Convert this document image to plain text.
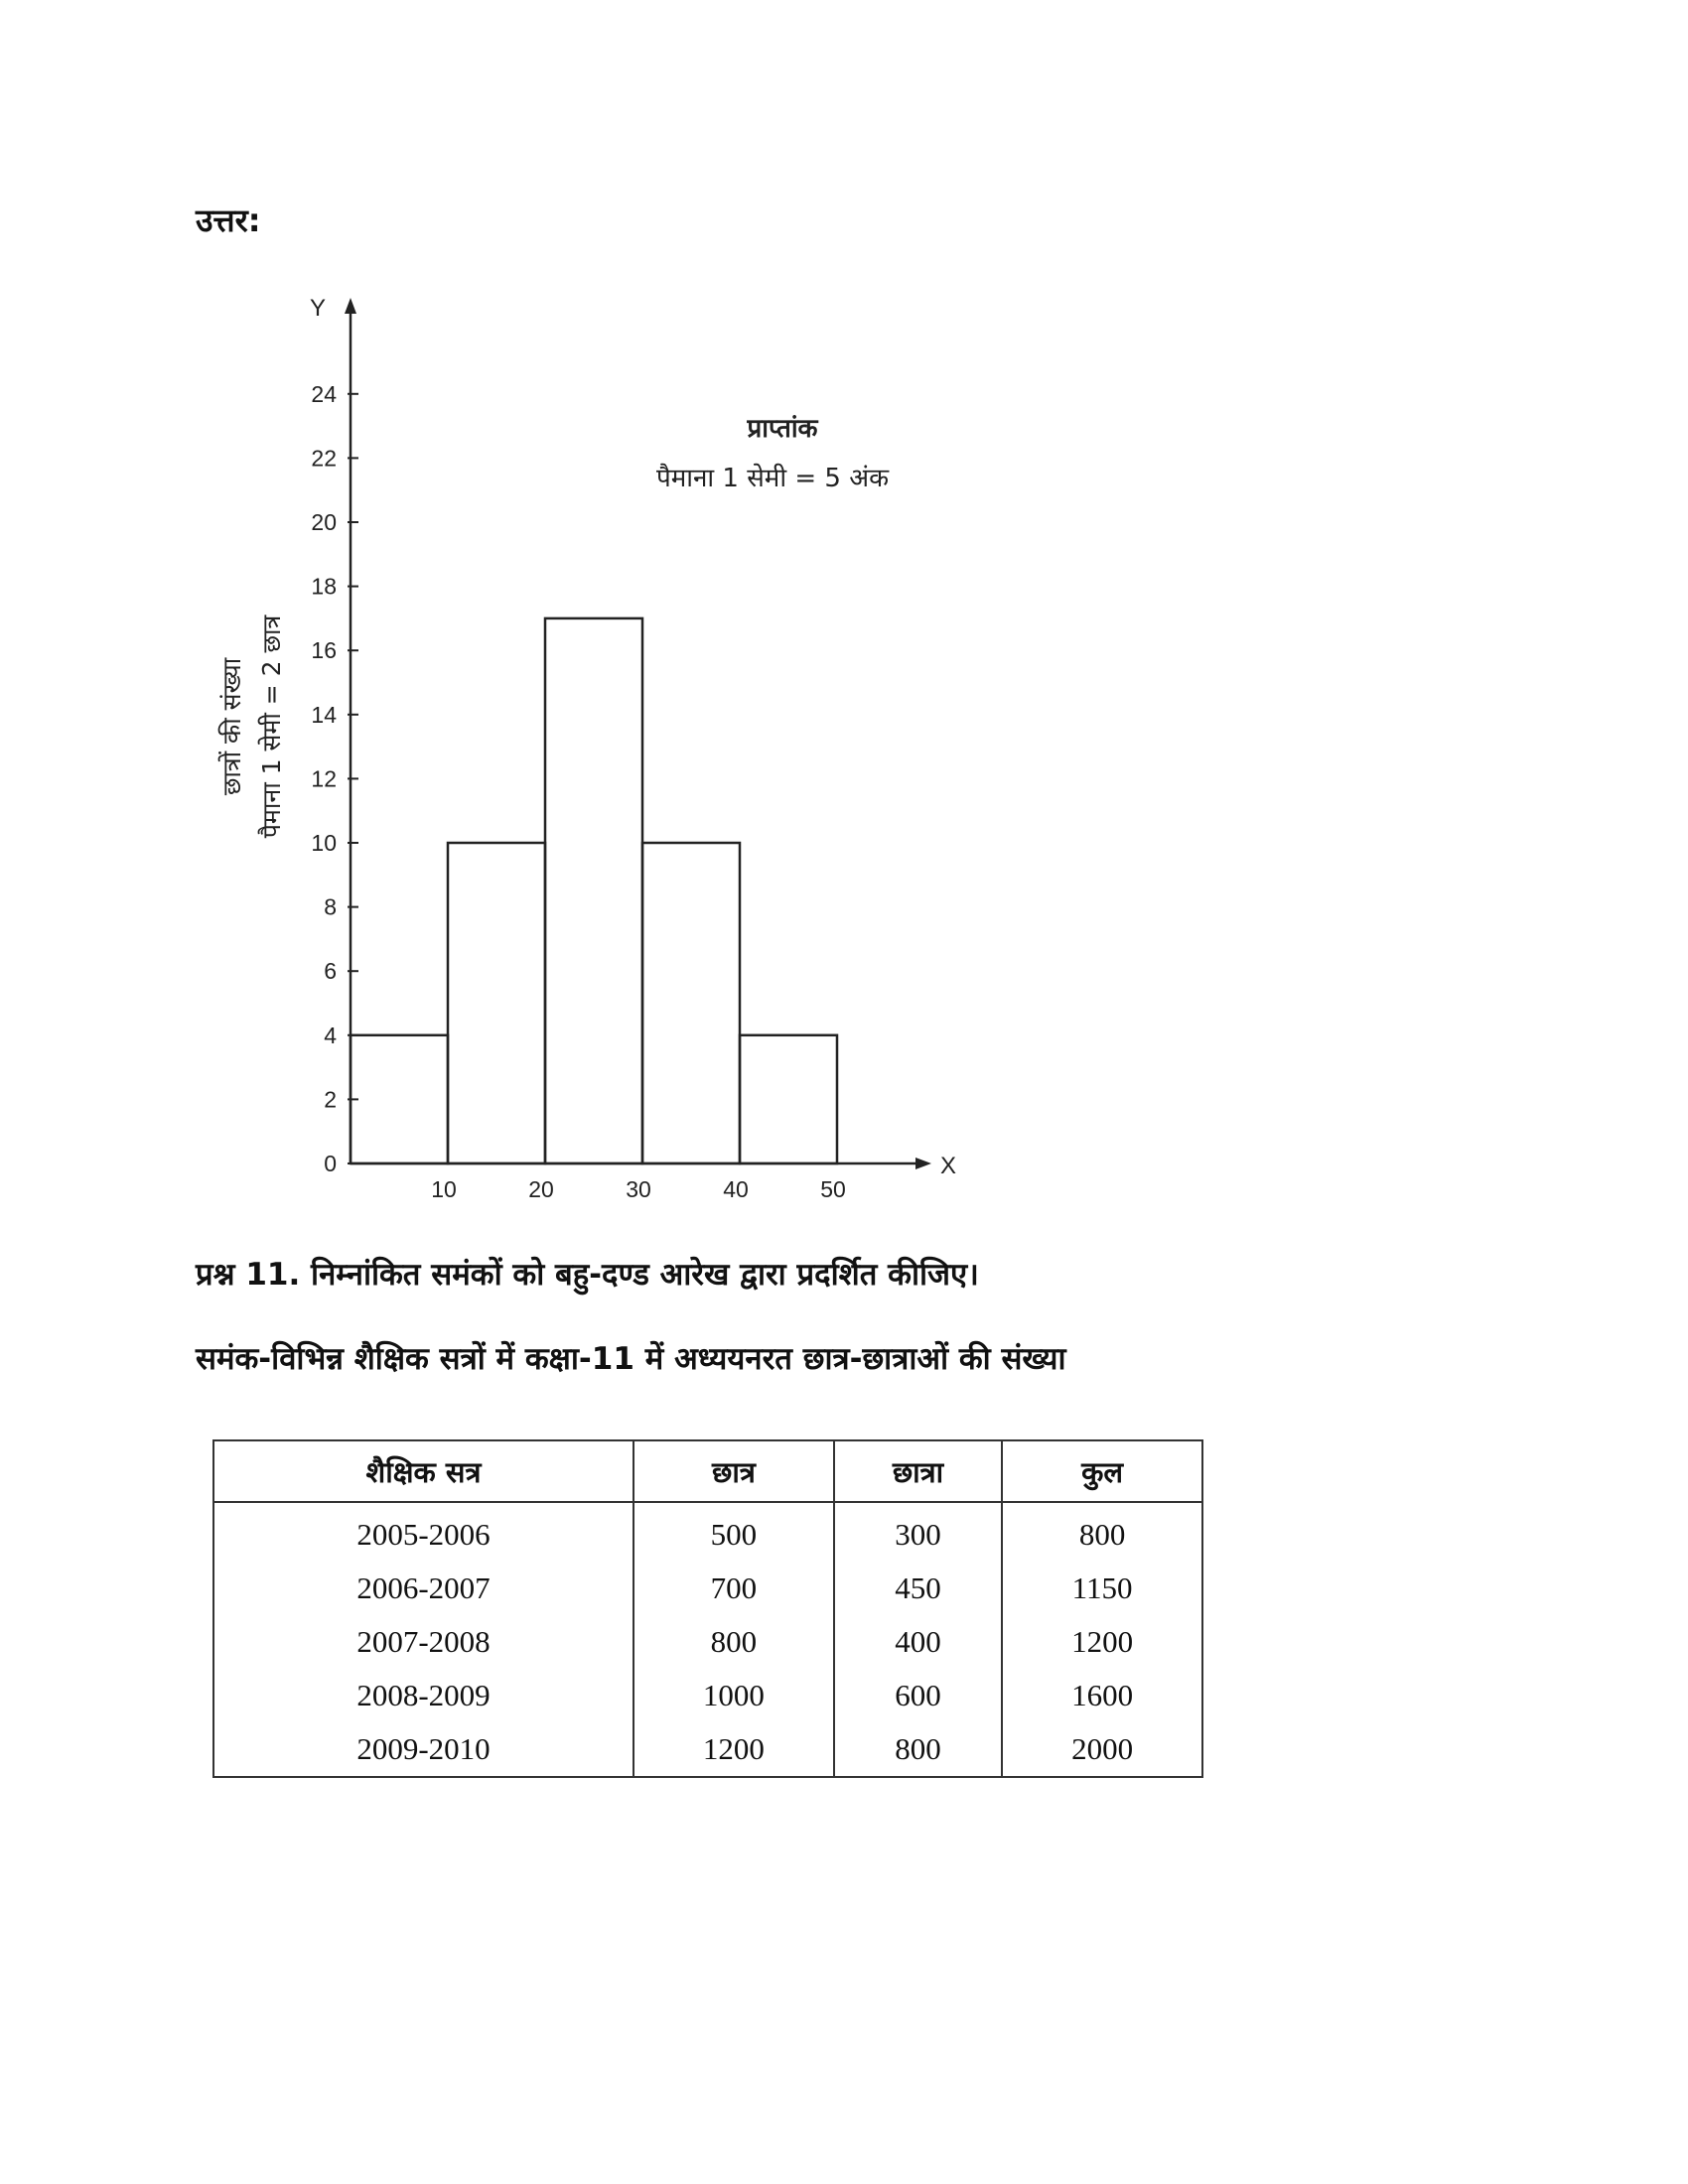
उत्तर:
Y
X
छात्रों की संख्या पैमाना 1 सेमी = 2 छात्र
प्राप्तांक
पैमाना 1 सेमी = 5 अंक
0
2
4
6
8
10
12
14
16
18
20
22
24
10	20	30	40	50
प्रश्न 11. निम्नांकित समंकों को बहु-दण्ड आरेख द्वारा प्रदर्शित कीजिए।
समंक-विभिन्न शैक्षिक सत्रों में कक्षा-11 में अध्ययनरत छात्र-छात्राओं की संख्या
शैक्षिक सत्र	छात्र	छात्रा	कुल
2005-2006	500	300	800
2006-2007	700	450	1150
2007-2008	800	400	1200
2008-2009	1000	600	1600
2009-2010	1200	800	2000
